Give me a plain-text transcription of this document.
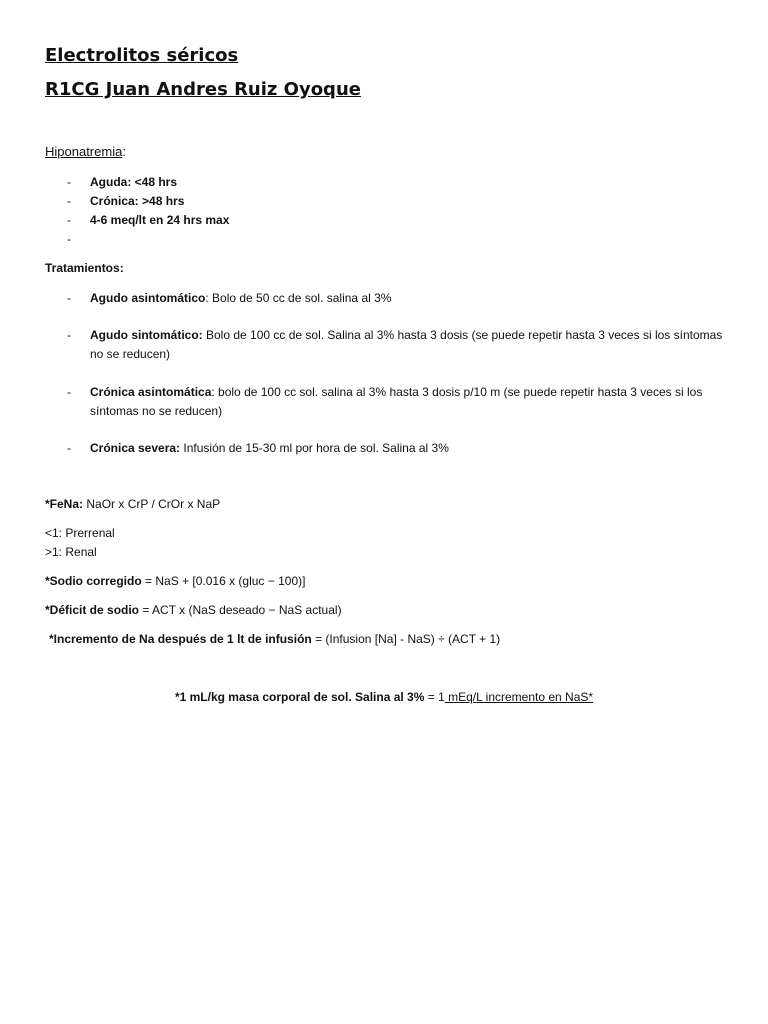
Electrolitos séricos
R1CG Juan Andres Ruiz Oyoque
Hiponatremia:
- Aguda: <48 hrs
- Crónica: >48 hrs
- 4-6 meq/lt en 24 hrs max
-

Tratamientos:
- Agudo asintomático: Bolo de 50 cc de sol. salina al 3%
- Agudo sintomático: Bolo de 100 cc de sol. Salina al 3% hasta 3 dosis (se puede repetir hasta 3 veces si los síntomas no se reducen)
- Crónica asintomática: bolo de 100 cc sol. salina al 3% hasta 3 dosis p/10 m (se puede repetir hasta 3 veces si los síntomas no se reducen)
- Crónica severa: Infusión de 15-30 ml por hora de sol. Salina al 3%
*FeNa: NaOr x CrP / CrOr x NaP
<1: Prerrenal
>1: Renal
*Sodio corregido = NaS + [0.016 x (gluc − 100)]
*Déficit de sodio = ACT x (NaS deseado − NaS actual)
*Incremento de Na después de 1 lt de infusión = (Infusion [Na] - NaS) ÷ (ACT + 1)
*1 mL/kg masa corporal de sol. Salina al 3% = 1 mEq/L incremento en NaS*
